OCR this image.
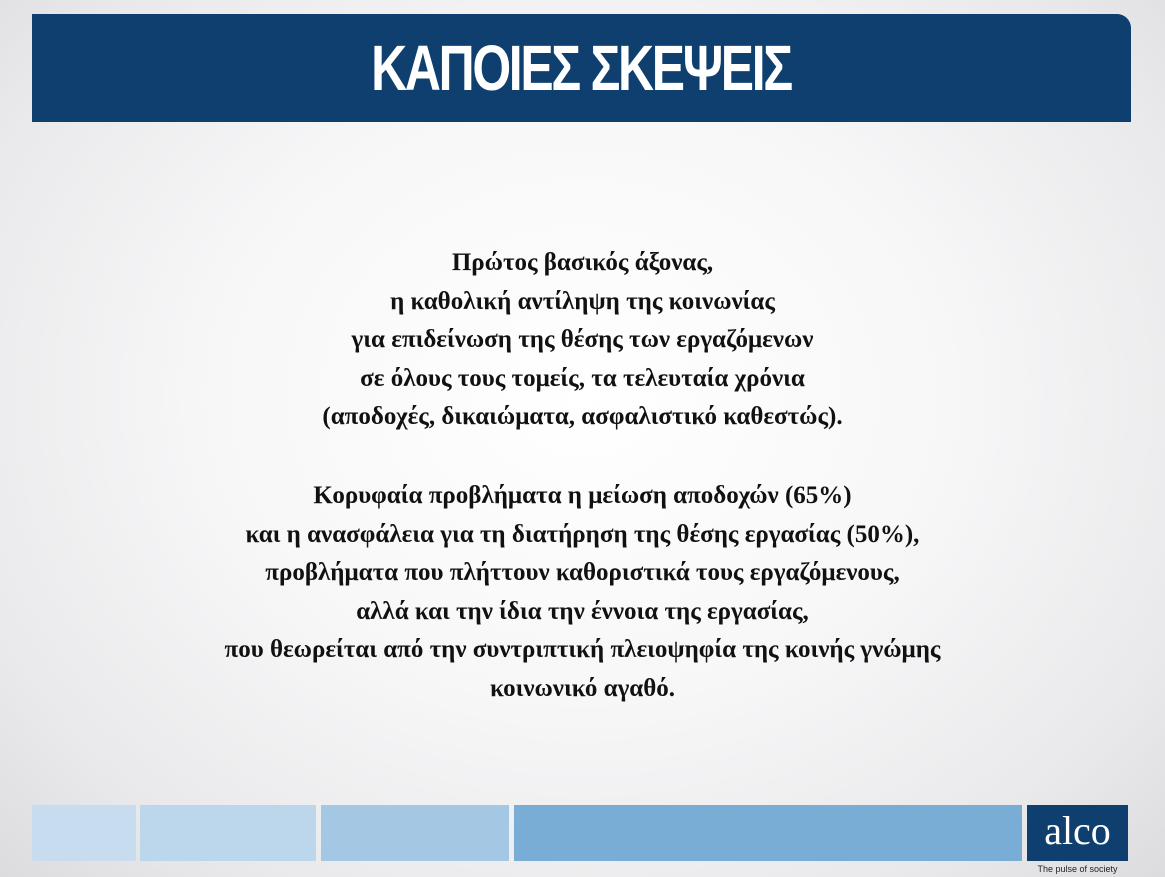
ΚΑΠΟΙΕΣ ΣΚΕΨΕΙΣ
Πρώτος βασικός άξονας,
η καθολική αντίληψη της κοινωνίας
για επιδείνωση της θέσης των εργαζόμενων
σε όλους τους τομείς, τα τελευταία χρόνια
(αποδοχές, δικαιώματα, ασφαλιστικό καθεστώς).
Κορυφαία προβλήματα η μείωση αποδοχών (65%)
και η ανασφάλεια για τη διατήρηση της θέσης εργασίας (50%),
προβλήματα που πλήττουν καθοριστικά τους εργαζόμενους,
αλλά και την ίδια την έννοια της εργασίας,
που θεωρείται από την συντριπτική πλειοψηφία της κοινής γνώμης
κοινωνικό αγαθό.
alco
The pulse of society
